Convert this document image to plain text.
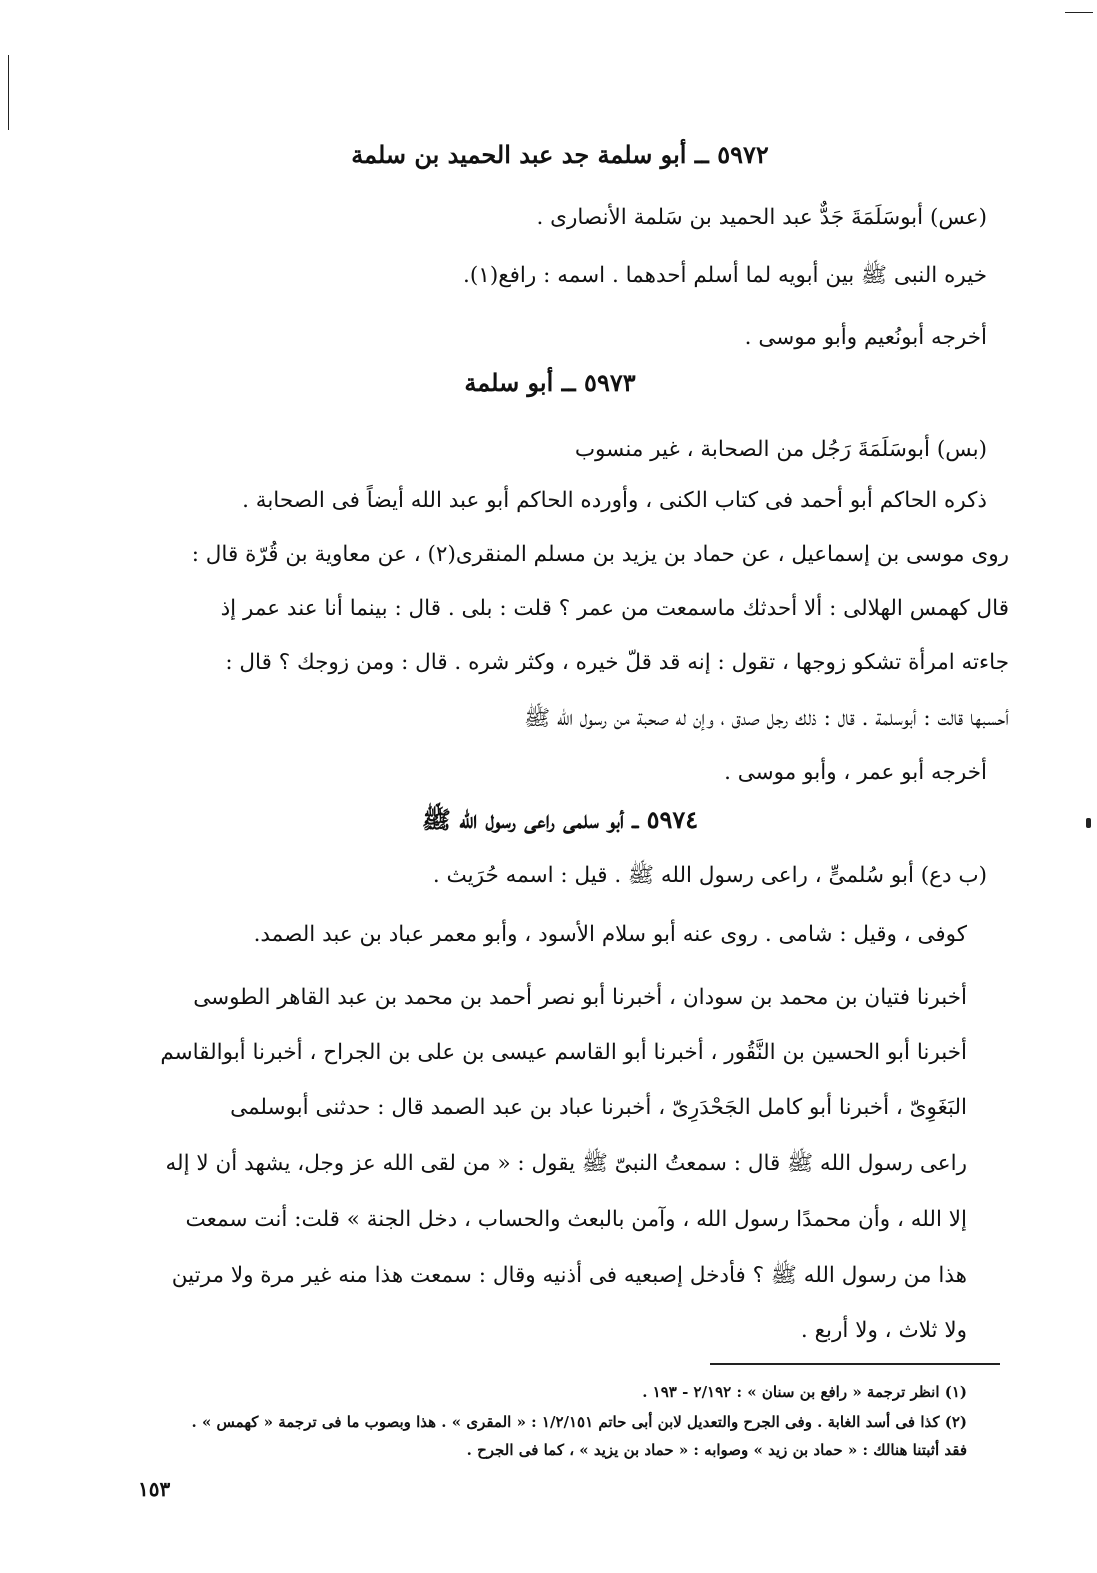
٥٩٧٢ ــ أبو سلمة جد عبد الحميد بن سلمة
(عس) أبوسَلَمَةَ جَدٌّ عبد الحميد بن سَلمة الأنصارى .
خيره النبى ﷺ بين أبويه لما أسلم أحدهما . اسمه : رافع(١).
أخرجه أبونُعيم وأبو موسى .
٥٩٧٣ ــ أبو سلمة
(بس) أبوسَلَمَةَ رَجُل من الصحابة ، غير منسوب
ذكره الحاكم أبو أحمد فى كتاب الكنى ، وأورده الحاكم أبو عبد الله أيضاً فى الصحابة .
روى موسى بن إسماعيل ، عن حماد بن يزيد بن مسلم المنقرى(٢) ، عن معاوية بن قُرّة قال :
قال كهمس الهلالى : ألا أحدثك ماسمعت من عمر ؟ قلت : بلى . قال : بينما أنا عند عمر إذ
جاءته امرأة تشكو زوجها ، تقول : إنه قد قلّ خيره ، وكثر شره . قال : ومن زوجك ؟ قال :
أحسبها قالت : أبوسلمة . قال : ذلك رجل صدق ، وإن له صحبة من رسول الله ﷺ
أخرجه أبو عمر ، وأبو موسى .
٥٩٧٤ ــ أبو سلمى راعى رسول الله ﷺ
(ب دع) أبو سُلمىٍّ ، راعى رسول الله ﷺ . قيل : اسمه حُرَيث .
كوفى ، وقيل : شامى . روى عنه أبو سلام الأسود ، وأبو معمر عباد بن عبد الصمد.
أخبرنا فتيان بن محمد بن سودان ، أخبرنا أبو نصر أحمد بن محمد بن عبد القاهر الطوسى
أخبرنا أبو الحسين بن النَّقُور ، أخبرنا أبو القاسم عيسى بن على بن الجراح ، أخبرنا أبوالقاسم
البَغَوِىّ ، أخبرنا أبو كامل الجَحْدَرِىّ ، أخبرنا عباد بن عبد الصمد قال : حدثنى أبوسلمى
راعى رسول الله ﷺ قال : سمعتُ النبىّ ﷺ يقول : « من لقى الله عز وجل، يشهد أن لا إله
إلا الله ، وأن محمدًا رسول الله ، وآمن بالبعث والحساب ، دخل الجنة » قلت: أنت سمعت
هذا من رسول الله ﷺ ؟ فأدخل إصبعيه فى أذنيه وقال : سمعت هذا منه غير مرة ولا مرتين
ولا ثلاث ، ولا أربع .
(١) انظر ترجمة « رافع بن سنان » : ٢/١٩٢ - ١٩٣ .
(٢) كذا فى أسد الغابة . وفى الجرح والتعديل لابن أبى حاتم ١/٢/١٥١ : « المقرى » . هذا وبصوب ما فى ترجمة « كهمس » .
فقد أثبتنا هنالك : « حماد بن زيد » وصوابه : « حماد بن يزيد » ، كما فى الجرح .
١٥٣
